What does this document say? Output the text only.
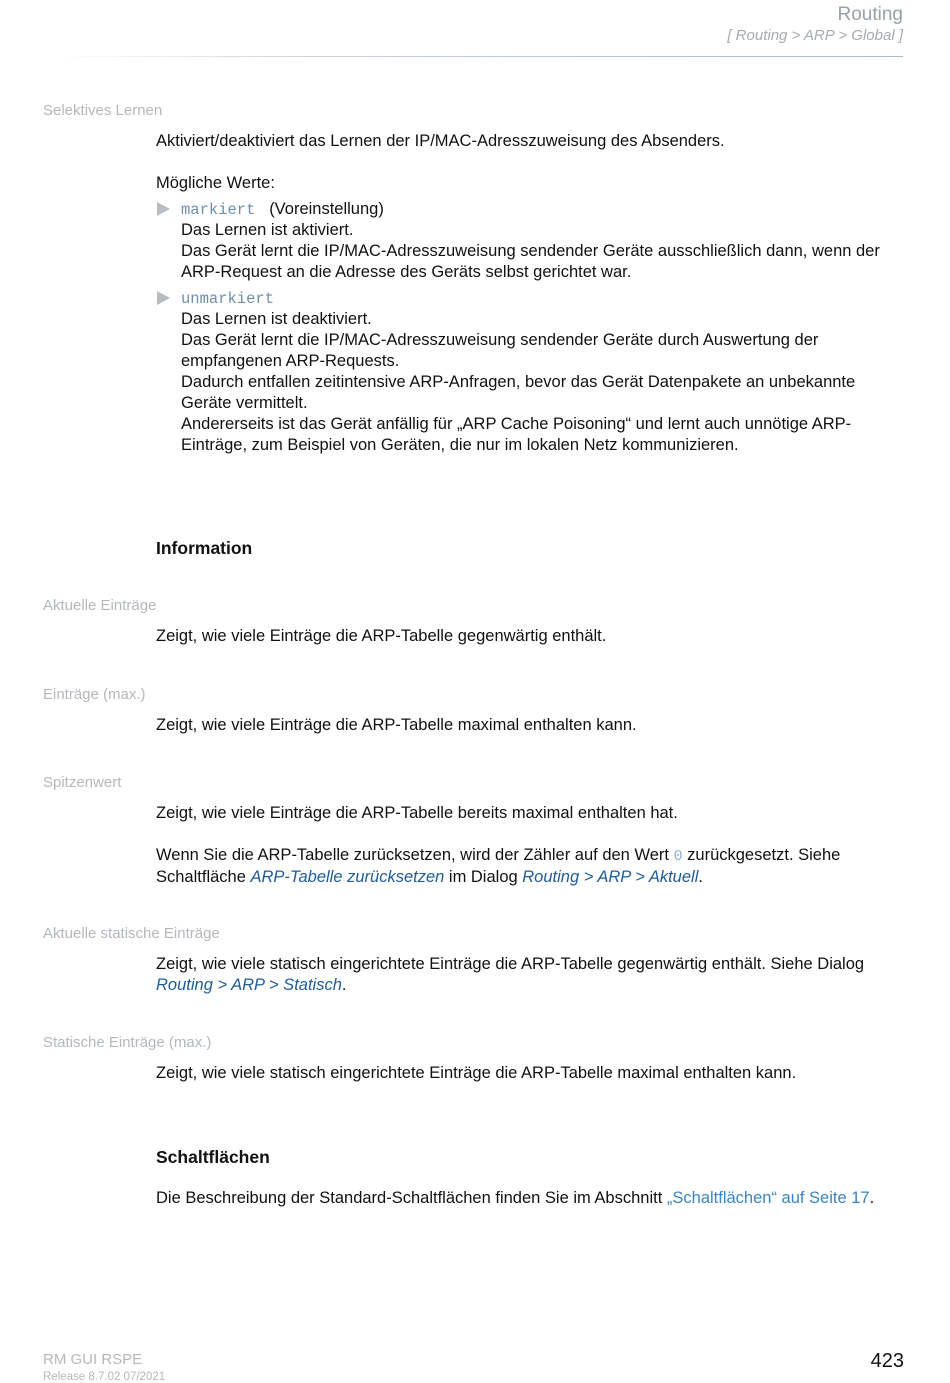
Routing
[ Routing > ARP > Global ]
Selektives Lernen
Aktiviert/deaktiviert das Lernen der IP/MAC-Adresszuweisung des Absenders.
Mögliche Werte:
markiert (Voreinstellung)
Das Lernen ist aktiviert.
Das Gerät lernt die IP/MAC-Adresszuweisung sendender Geräte ausschließlich dann, wenn der
ARP-Request an die Adresse des Geräts selbst gerichtet war.
unmarkiert
Das Lernen ist deaktiviert.
Das Gerät lernt die IP/MAC-Adresszuweisung sendender Geräte durch Auswertung der
empfangenen ARP-Requests.
Dadurch entfallen zeitintensive ARP-Anfragen, bevor das Gerät Datenpakete an unbekannte
Geräte vermittelt.
Andererseits ist das Gerät anfällig für „ARP Cache Poisoning“ und lernt auch unnötige ARP-
Einträge, zum Beispiel von Geräten, die nur im lokalen Netz kommunizieren.
Information
Aktuelle Einträge
Zeigt, wie viele Einträge die ARP-Tabelle gegenwärtig enthält.
Einträge (max.)
Zeigt, wie viele Einträge die ARP-Tabelle maximal enthalten kann.
Spitzenwert
Zeigt, wie viele Einträge die ARP-Tabelle bereits maximal enthalten hat.
Wenn Sie die ARP-Tabelle zurücksetzen, wird der Zähler auf den Wert 0 zurückgesetzt. Siehe
Schaltfläche ARP-Tabelle zurücksetzen im Dialog Routing > ARP > Aktuell.
Aktuelle statische Einträge
Zeigt, wie viele statisch eingerichtete Einträge die ARP-Tabelle gegenwärtig enthält. Siehe Dialog
Routing > ARP > Statisch.
Statische Einträge (max.)
Zeigt, wie viele statisch eingerichtete Einträge die ARP-Tabelle maximal enthalten kann.
Schaltflächen
Die Beschreibung der Standard-Schaltflächen finden Sie im Abschnitt „Schaltflächen“ auf Seite 17.
RM GUI RSPE
Release 8.7.02 07/2021
423
